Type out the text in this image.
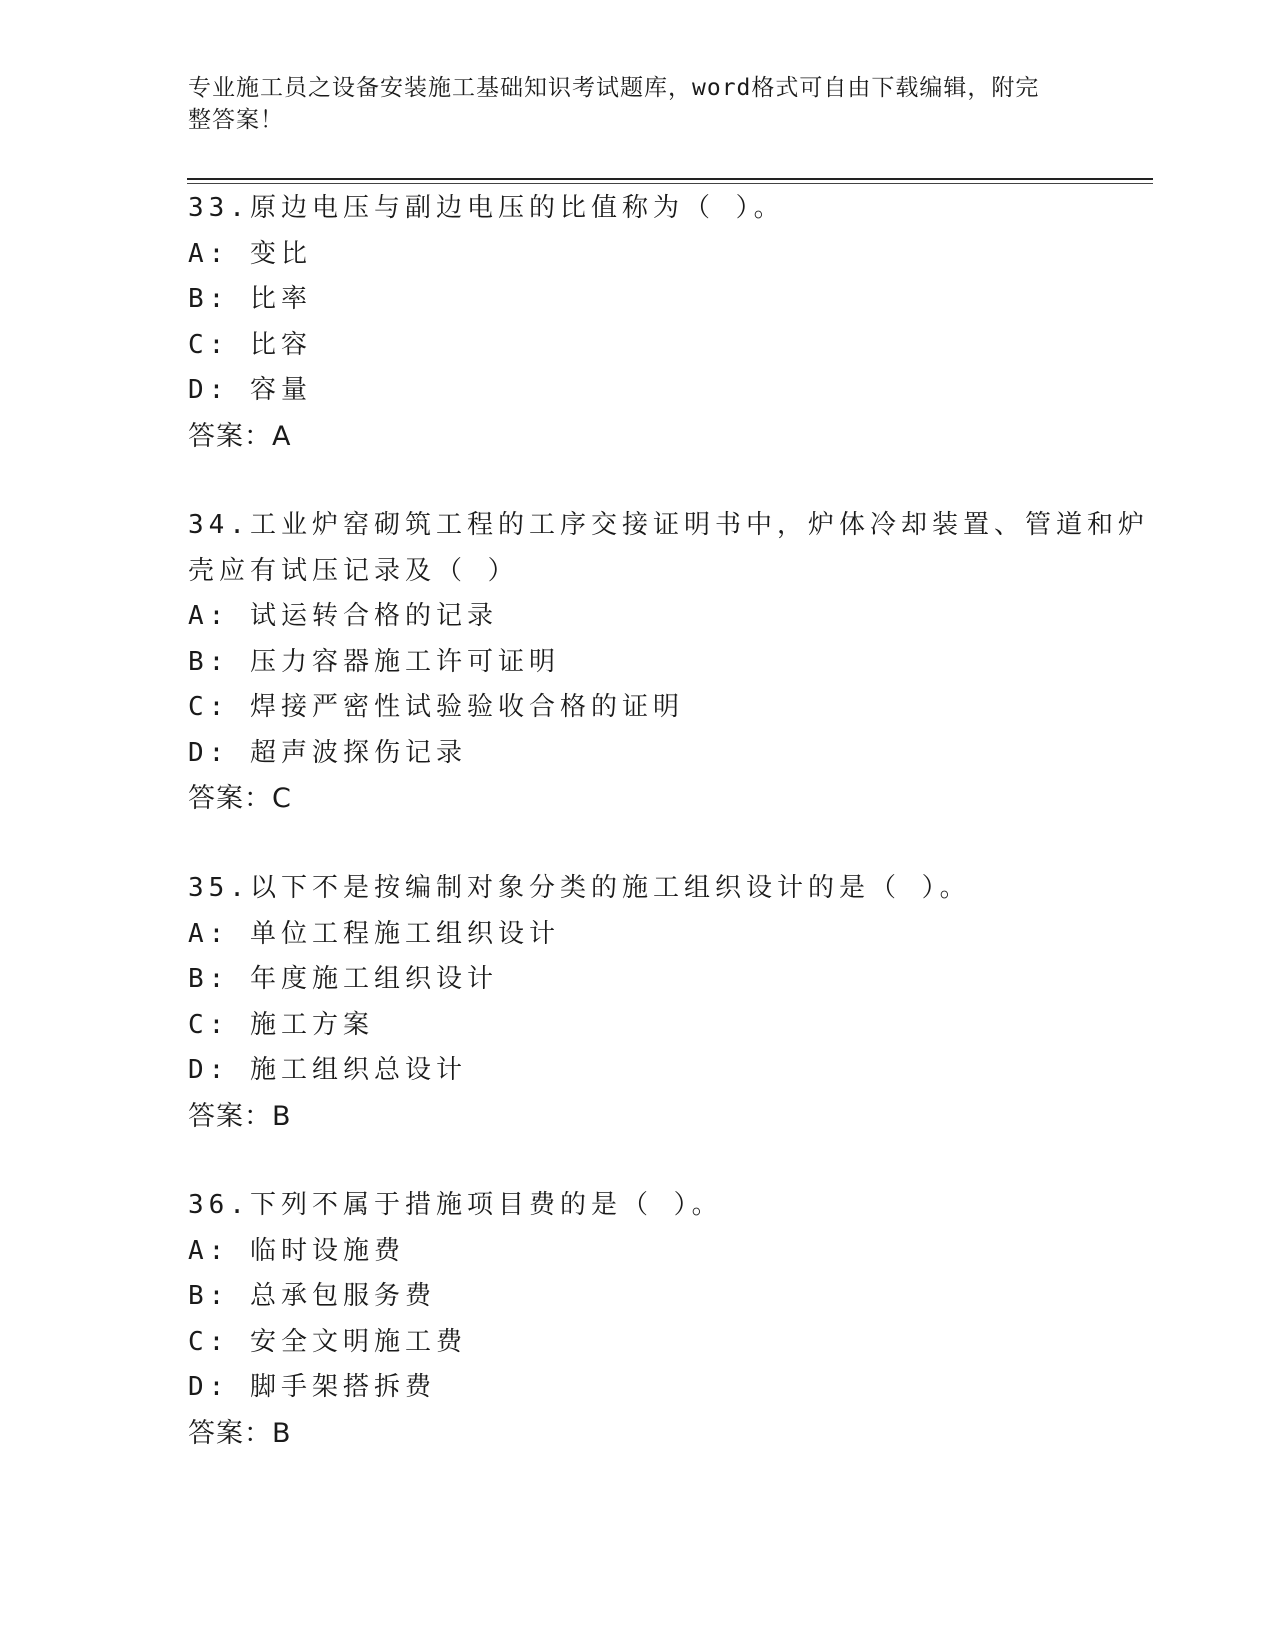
专业施工员之设备安装施工基础知识考试题库，word格式可自由下载编辑，附完
整答案！
33.原边电压与副边电压的比值称为（ ）。
A: 变比
B: 比率
C: 比容
D: 容量
答案：A
34.工业炉窑砌筑工程的工序交接证明书中，炉体冷却装置、管道和炉
壳应有试压记录及（ ）
A: 试运转合格的记录
B: 压力容器施工许可证明
C: 焊接严密性试验验收合格的证明
D: 超声波探伤记录
答案：C
35.以下不是按编制对象分类的施工组织设计的是（ ）。
A: 单位工程施工组织设计
B: 年度施工组织设计
C: 施工方案
D: 施工组织总设计
答案：B
36.下列不属于措施项目费的是（ ）。
A: 临时设施费
B: 总承包服务费
C: 安全文明施工费
D: 脚手架搭拆费
答案：B
